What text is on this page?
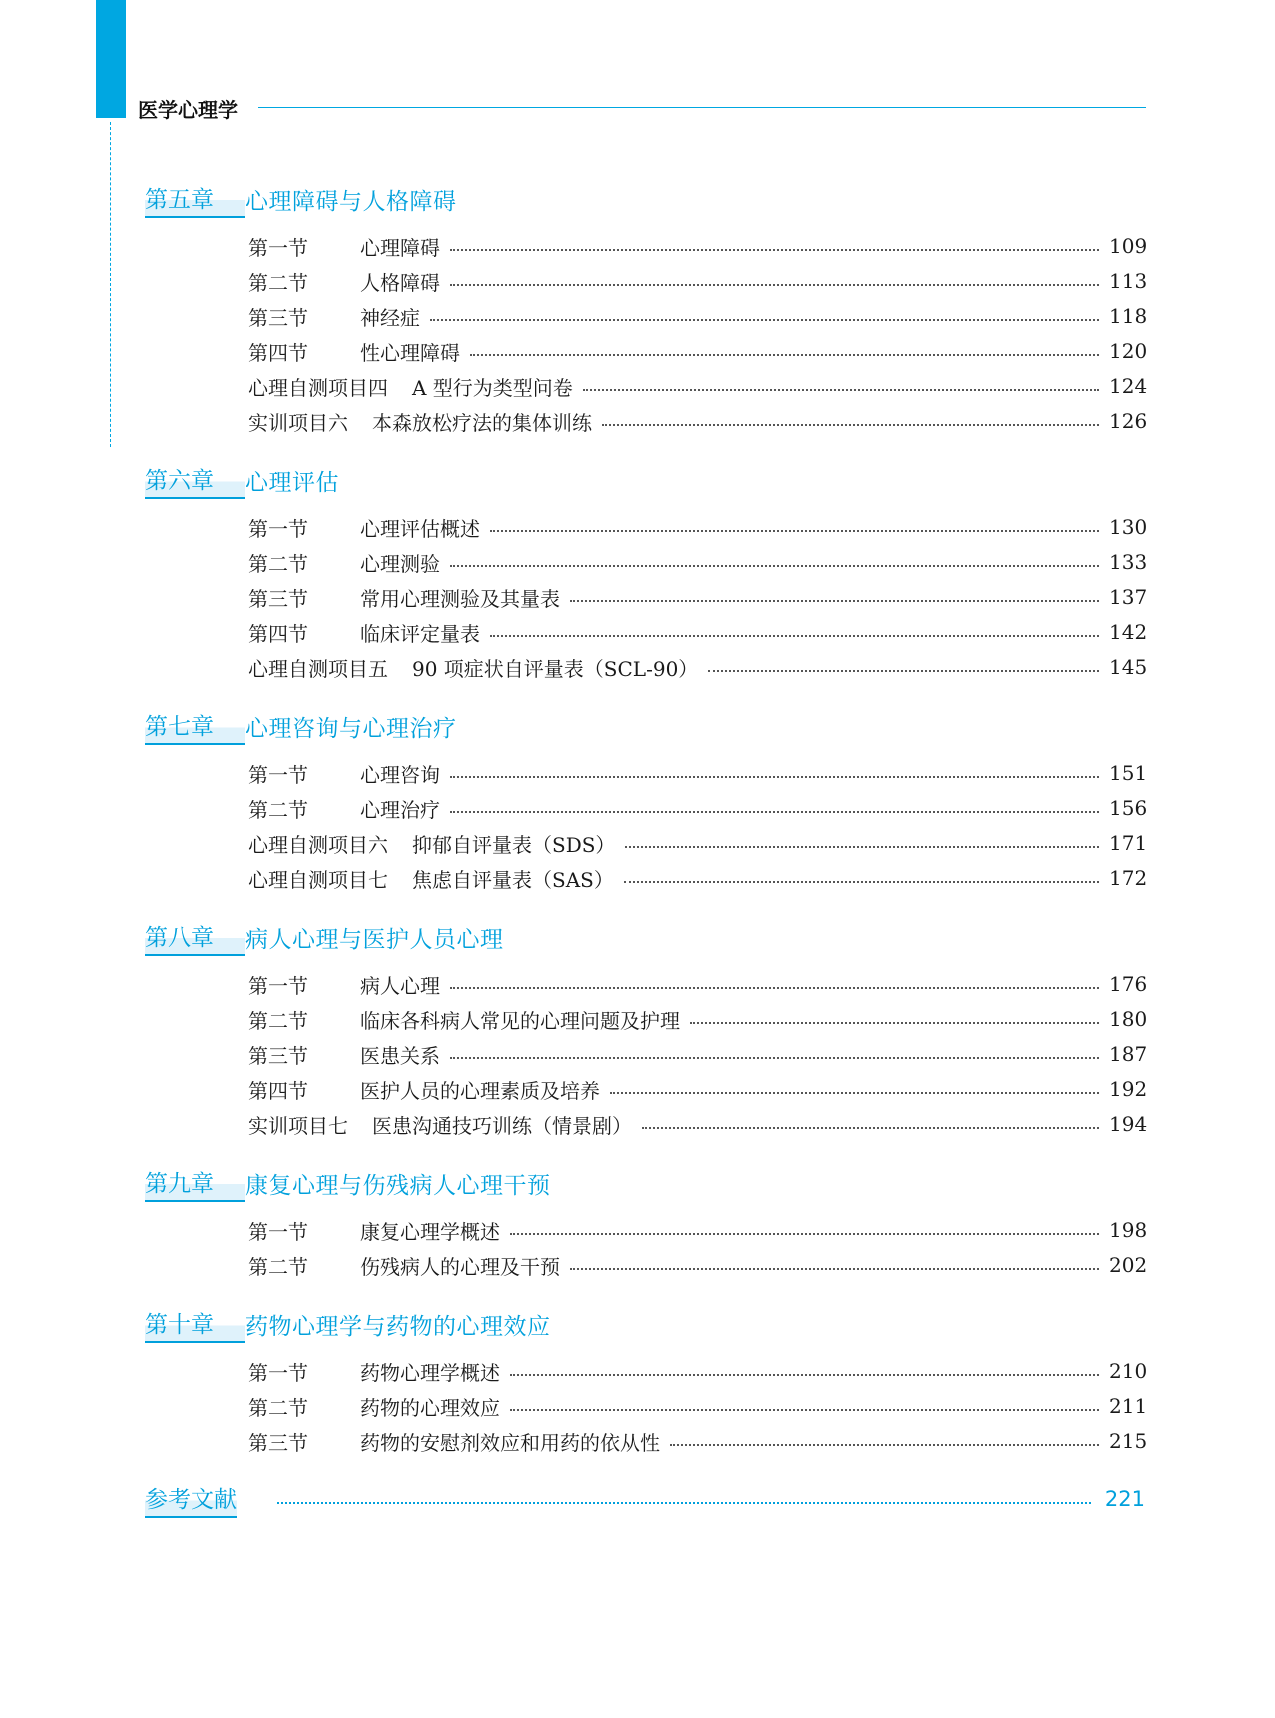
医学心理学
第五章	心理障碍与人格障碍
第一节	心理障碍	109
第二节	人格障碍	113
第三节	神经症	118
第四节	性心理障碍	120
心理自测项目四 A 型行为类型问卷	124
实训项目六 本森放松疗法的集体训练	126
第六章	心理评估
第一节	心理评估概述	130
第二节	心理测验	133
第三节	常用心理测验及其量表	137
第四节	临床评定量表	142
心理自测项目五 90 项症状自评量表（SCL-90）	145
第七章	心理咨询与心理治疗
第一节	心理咨询	151
第二节	心理治疗	156
心理自测项目六 抑郁自评量表（SDS）	171
心理自测项目七 焦虑自评量表（SAS）	172
第八章	病人心理与医护人员心理
第一节	病人心理	176
第二节	临床各科病人常见的心理问题及护理	180
第三节	医患关系	187
第四节	医护人员的心理素质及培养	192
实训项目七 医患沟通技巧训练（情景剧）	194
第九章	康复心理与伤残病人心理干预
第一节	康复心理学概述	198
第二节	伤残病人的心理及干预	202
第十章	药物心理学与药物的心理效应
第一节	药物心理学概述	210
第二节	药物的心理效应	211
第三节	药物的安慰剂效应和用药的依从性	215
参考文献	221
